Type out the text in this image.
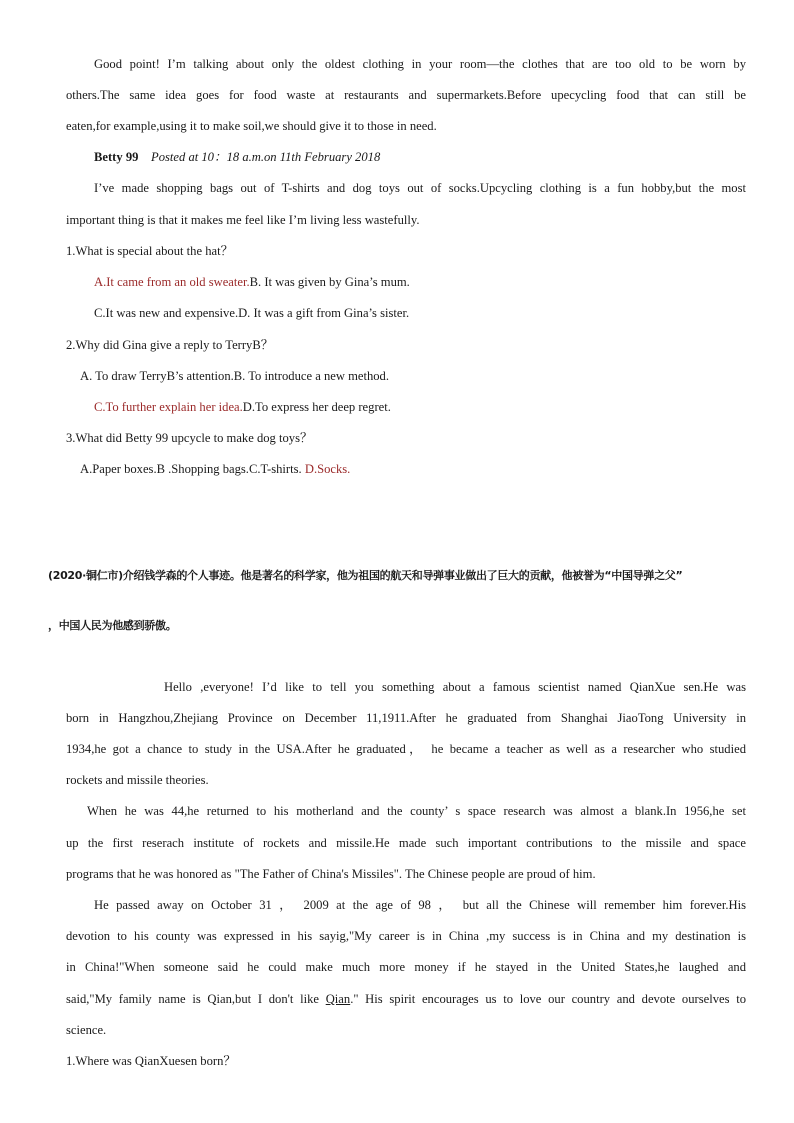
Good point! I’m talking about only the oldest clothing in your room—the clothes that are too old to be worn by
others.The same idea goes for food waste at restaurants and supermarkets.Before upecycling food that can still be
eaten,for example,using it to make soil,we should give it to those in need.
Betty 99 Posted at 10：18 a.m.on 11th February 2018
I’ve made shopping bags out of T-shirts and dog toys out of socks.Upcycling clothing is a fun hobby,but the most
important thing is that it makes me feel like I’m living less wastefully.
1.What is special about the hat？
A.It came from an old sweater.B. It was given by Gina’s mum.
C.It was new and expensive.D. It was a gift from Gina’s sister.
2.Why did Gina give a reply to TerryB？
A. To draw TerryB’s attention.B. To introduce a new method.
C.To further explain her idea.D.To express her deep regret.
3.What did Betty 99 upcycle to make dog toys？
A.Paper boxes.B .Shopping bags.C.T-shirts. D.Socks.
(2020·铜仁市)介绍钱学森的个人事迹。他是著名的科学家，他为祖国的航天和导弹事业做出了巨大的贡献，他被誉为“中国导弹之父”
，中国人民为他感到骄傲。
Hello ,everyone! I’d like to tell you something about a famous scientist named QianXue sen.He was
born in Hangzhou,Zhejiang Province on December 11,1911.After he graduated from Shanghai JiaoTong University in
1934,he got a chance to study in the USA.After he graduated， he became a teacher as well as a researcher who studied
rockets and missile theories.
When he was 44,he returned to his motherland and the county’ s space research was almost a blank.In 1956,he set
up the first reserach institute of rockets and missile.He made such important contributions to the missile and space
programs that he was honored as "The Father of China's Missiles". The Chinese people are proud of him.
He passed away on October 31 ， 2009 at the age of 98 ， but all the Chinese will remember him forever.His
devotion to his county was expressed in his sayig,"My career is in China ,my success is in China and my destination is
in China!"When someone said he could make much more money if he stayed in the United States,he laughed and
said,"My family name is Qian,but I don't like Qian." His spirit encourages us to love our country and devote ourselves to
science.
1.Where was QianXuesen born？
